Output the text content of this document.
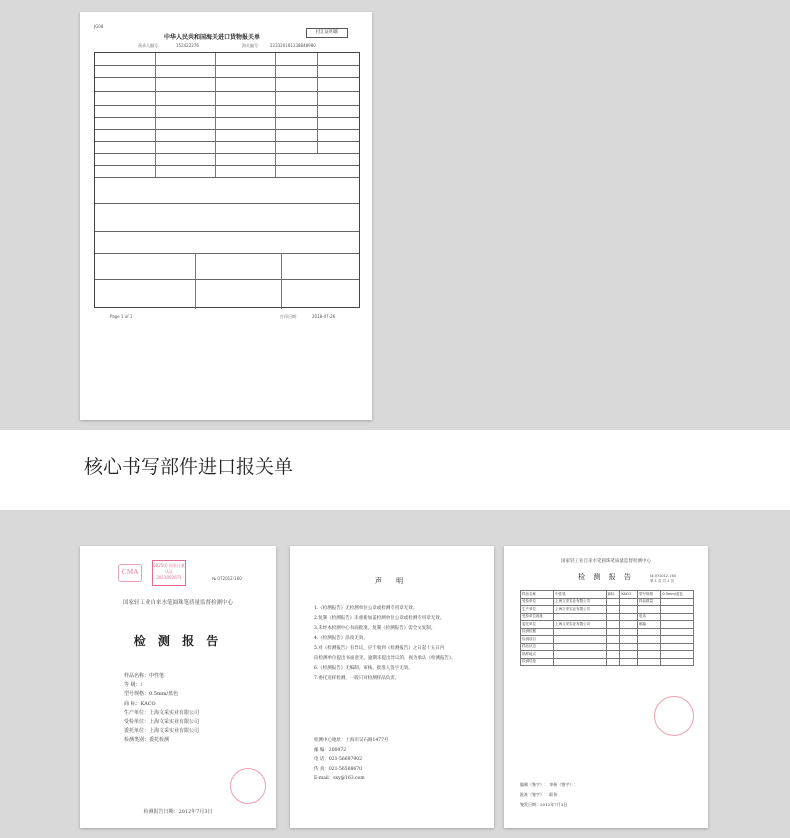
JG08
中华人民共和国海关进口货物报关单
付汇证明联
预录入编号：	152422276	海关编号： 223320181338848980
Page 1 of 1	打印日期：	2018-07-26
核心书写部件进口报关单
CMA
0025(I) 国家计量认证 2011002671	№ 072012-160
国家轻工业自来水笔圆珠笔质量监督检测中心
检 测 报 告
样品名称：中性笔
等 级：/
型号规格：0.5mm/蓝色
商 标：KACO
生产单位：上海文采实业有限公司
受检单位：上海文采实业有限公司
委托单位：上海文采实业有限公司
检测类别：委托检测
检测报告日期：2012年7月3日
声 明
1.《检测报告》无检测单位公章或检测专用章无效。
2.复制《检测报告》未重新加盖检测单位公章或检测专用章无效。
3.未经本检测中心书面批准，复制《检测报告》需全文复制。
4.《检测报告》涂改无效。
5.对《检测报告》有异议，应于收到《检测报告》之日起十五日内
向检测单位提出书面意见，逾期未提出异议的，视为承认《检测报告》。
6.《检测报告》无编制、审核、批准人签字无效。
7.委托送样检测，一般只对检测样品负责。
检测中心地址：上海市吴石路1477号
邮 编：200072
电 话：021-56697902
传 真：021-56508670
E-mail：sxy@163.com
国家轻工业自来水笔圆珠笔质量监督检测中心
检 测 报 告	№ 072012-160
第 1 页 共 2 页
样品名称	中性笔	商标	KACO	型号规格	0.5mm/蓝色
受检单位	上海文采实业有限公司			样品数量	
生产单位	上海文采实业有限公司				
受检单位地址				电话	
委托单位	上海文采实业有限公司			邮编	
检测依据					
检测项目					
样品状态					
抽样地点					
检测结论					
编制（签字）： 审核（签字）：
批准（签字）： 职务：
签发日期：2012年7月3日
